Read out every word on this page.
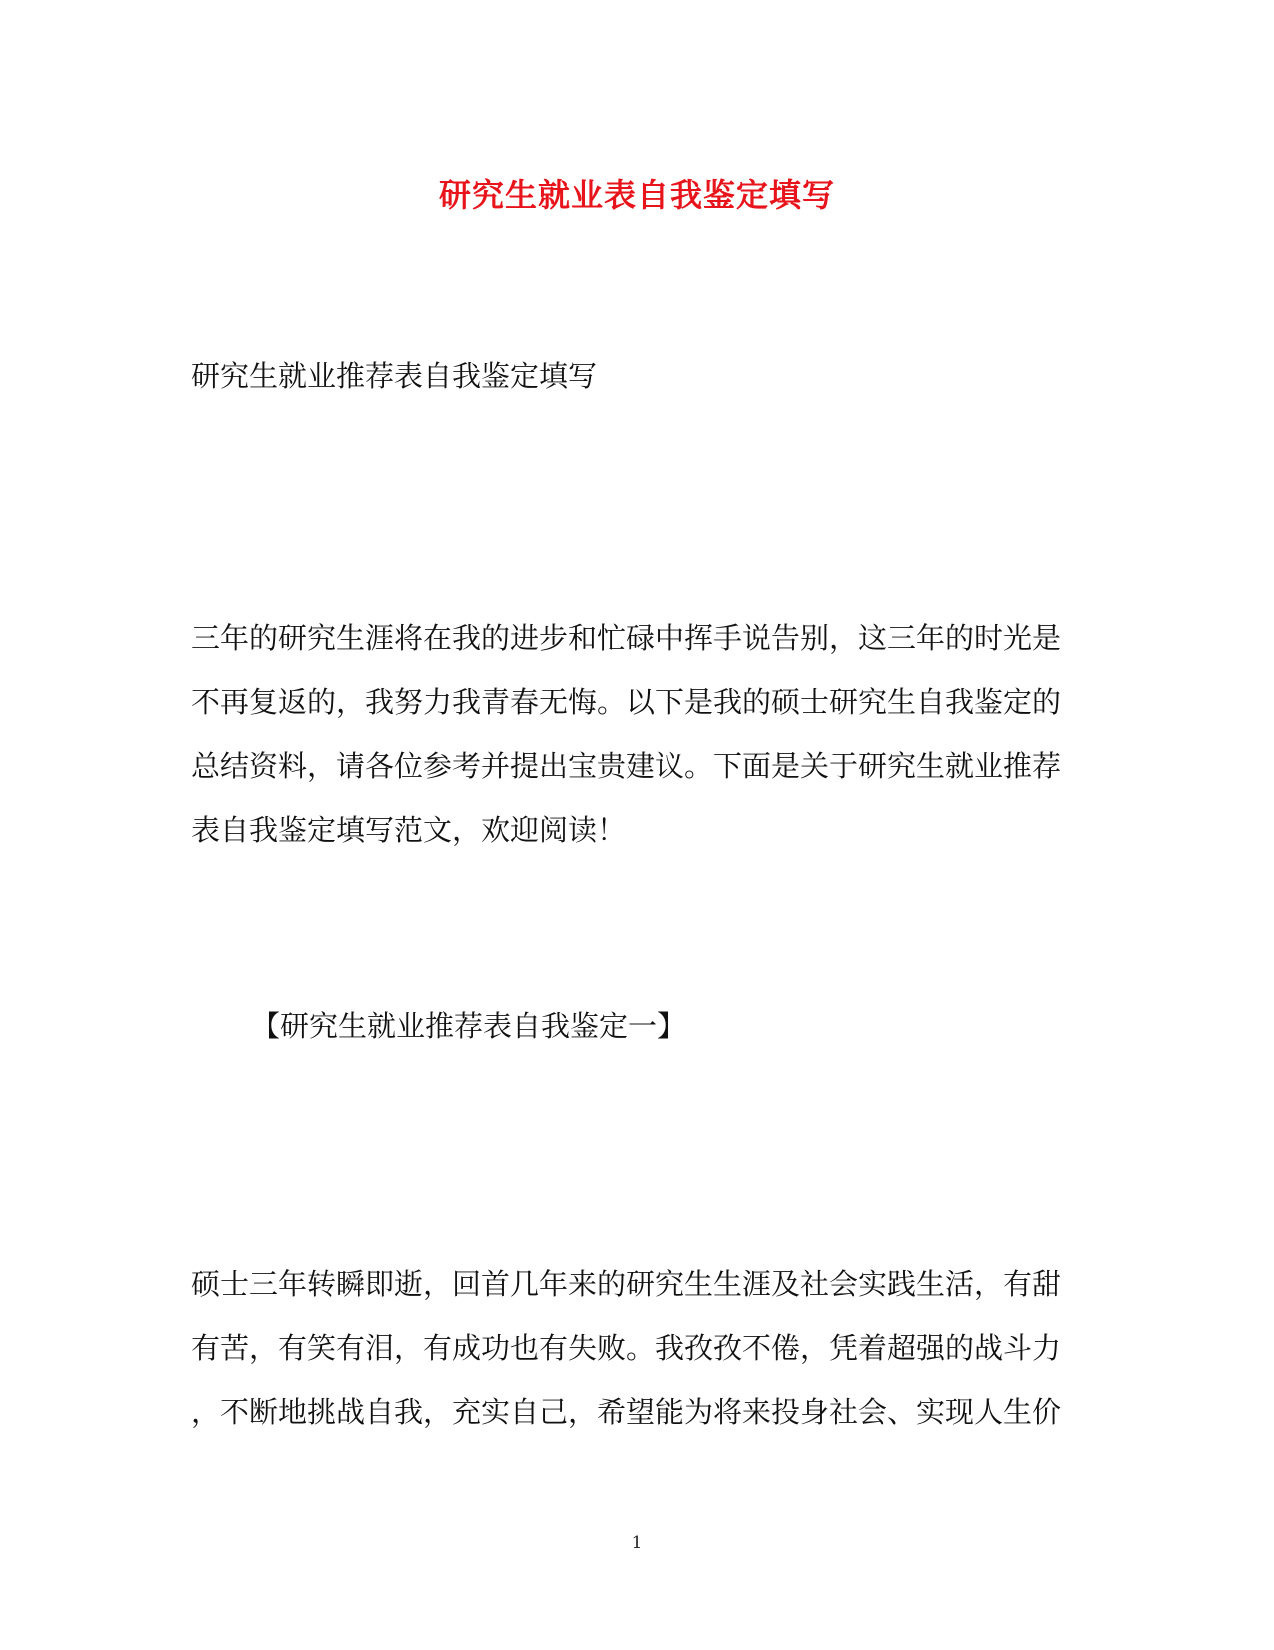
研究生就业表自我鉴定填写
研究生就业推荐表自我鉴定填写
三年的研究生涯将在我的进步和忙碌中挥手说告别，这三年的时光是
不再复返的，我努力我青春无悔。以下是我的硕士研究生自我鉴定的
总结资料，请各位参考并提出宝贵建议。下面是关于研究生就业推荐
表自我鉴定填写范文，欢迎阅读！
【研究生就业推荐表自我鉴定一】
硕士三年转瞬即逝，回首几年来的研究生生涯及社会实践生活，有甜
有苦，有笑有泪，有成功也有失败。我孜孜不倦，凭着超强的战斗力
，不断地挑战自我，充实自己，希望能为将来投身社会、实现人生价
1
